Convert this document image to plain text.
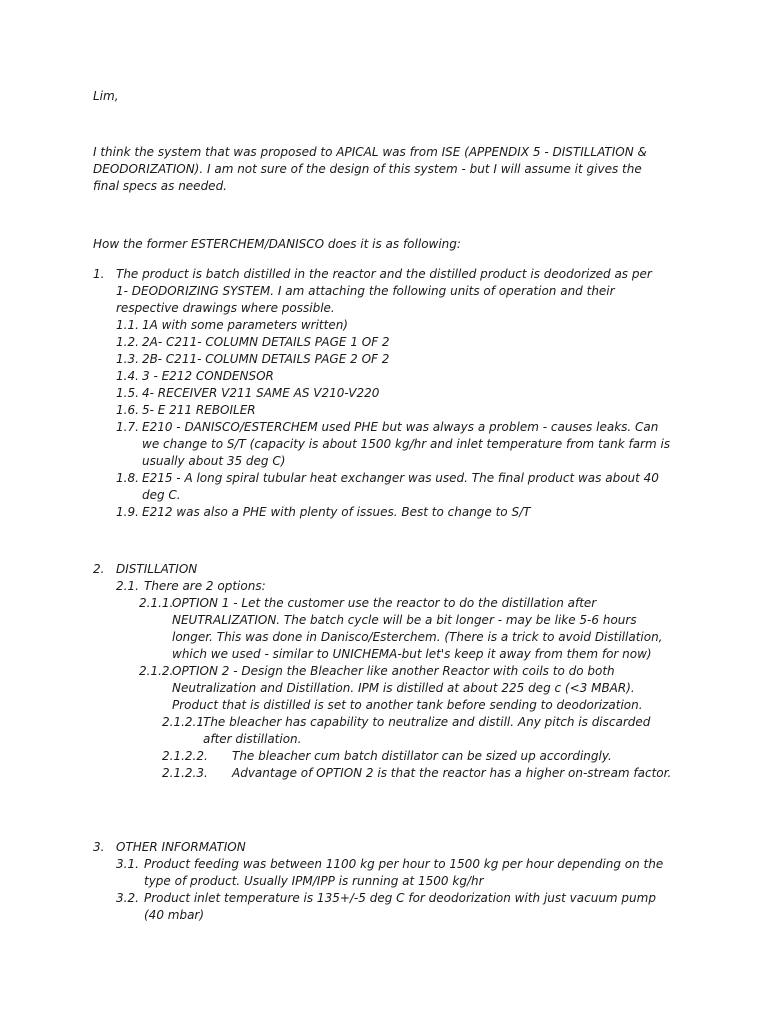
Lim,

I think the system that was proposed to APICAL was from ISE (APPENDIX 5 - DISTILLATION & DEODORIZATION). I am not sure of the design of this system - but I will assume it gives the final specs as needed.

How the former ESTERCHEM/DANISCO does it is as following:

1. The product is batch distilled in the reactor and the distilled product is deodorized as per 1- DEODORIZING SYSTEM. I am attaching the following units of operation and their respective drawings where possible.
1.1. 1A with some parameters written)
1.2. 2A- C211- COLUMN DETAILS PAGE 1 OF 2
1.3. 2B- C211- COLUMN DETAILS PAGE 2 OF 2
1.4. 3 - E212 CONDENSOR
1.5. 4- RECEIVER V211 SAME AS V210-V220
1.6. 5- E 211 REBOILER
1.7. E210 - DANISCO/ESTERCHEM used PHE but was always a problem - causes leaks. Can we change to S/T (capacity is about 1500 kg/hr and inlet temperature from tank farm is usually about 35 deg C)
1.8. E215 - A long spiral tubular heat exchanger was used. The final product was about 40 deg C.
1.9. E212 was also a PHE with plenty of issues. Best to change to S/T
2. DISTILLATION
2.1. There are 2 options:
2.1.1.
OPTION 1 - Let the customer use the reactor to do the distillation after NEUTRALIZATION. The batch cycle will be a bit longer - may be like 5-6 hours longer. This was done in Danisco/Esterchem. (There is a trick to avoid Distillation, which we used - similar to UNICHEMA-but let's keep it away from them for now)
2.1.2.
OPTION 2 - Design the Bleacher like another Reactor with coils to do both Neutralization and Distillation. IPM is distilled at about 225 deg c (<3 MBAR). Product that is distilled is set to another tank before sending to deodorization.
2.1.2.1.
The bleacher has capability to neutralize and distill. Any pitch is discarded after distillation.
2.1.2.2. The bleacher cum batch distillator can be sized up accordingly.
2.1.2.3. Advantage of OPTION 2 is that the reactor has a higher on-stream factor.
3. OTHER INFORMATION
3.1. Product feeding was between 1100 kg per hour to 1500 kg per hour depending on the type of product. Usually IPM/IPP is running at 1500 kg/hr
3.2. Product inlet temperature is 135+/-5 deg C for deodorization with just vacuum pump (40 mbar)
